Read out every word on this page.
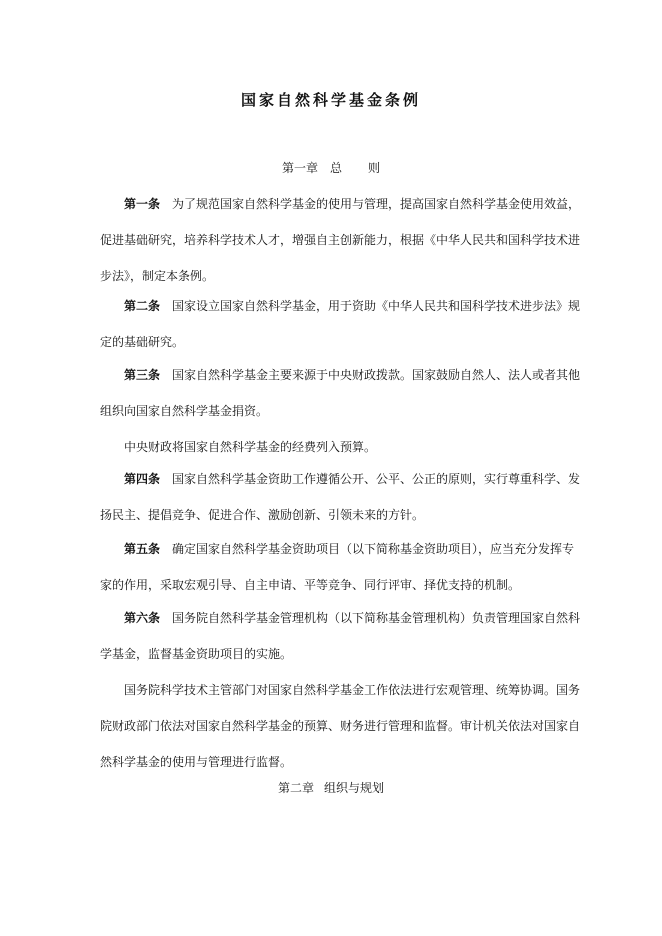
国家自然科学基金条例
第一章 总 则
第一条 为了规范国家自然科学基金的使用与管理，提高国家自然科学基金使用效益，
促进基础研究，培养科学技术人才，增强自主创新能力，根据《中华人民共和国科学技术进
步法》，制定本条例。
第二条 国家设立国家自然科学基金，用于资助《中华人民共和国科学技术进步法》规
定的基础研究。
第三条 国家自然科学基金主要来源于中央财政拨款。国家鼓励自然人、法人或者其他
组织向国家自然科学基金捐资。
中央财政将国家自然科学基金的经费列入预算。
第四条 国家自然科学基金资助工作遵循公开、公平、公正的原则，实行尊重科学、发
扬民主、提倡竞争、促进合作、激励创新、引领未来的方针。
第五条 确定国家自然科学基金资助项目（以下简称基金资助项目），应当充分发挥专
家的作用，采取宏观引导、自主申请、平等竞争、同行评审、择优支持的机制。
第六条 国务院自然科学基金管理机构（以下简称基金管理机构）负责管理国家自然科
学基金，监督基金资助项目的实施。
国务院科学技术主管部门对国家自然科学基金工作依法进行宏观管理、统筹协调。国务
院财政部门依法对国家自然科学基金的预算、财务进行管理和监督。审计机关依法对国家自
然科学基金的使用与管理进行监督。
第二章 组织与规划
